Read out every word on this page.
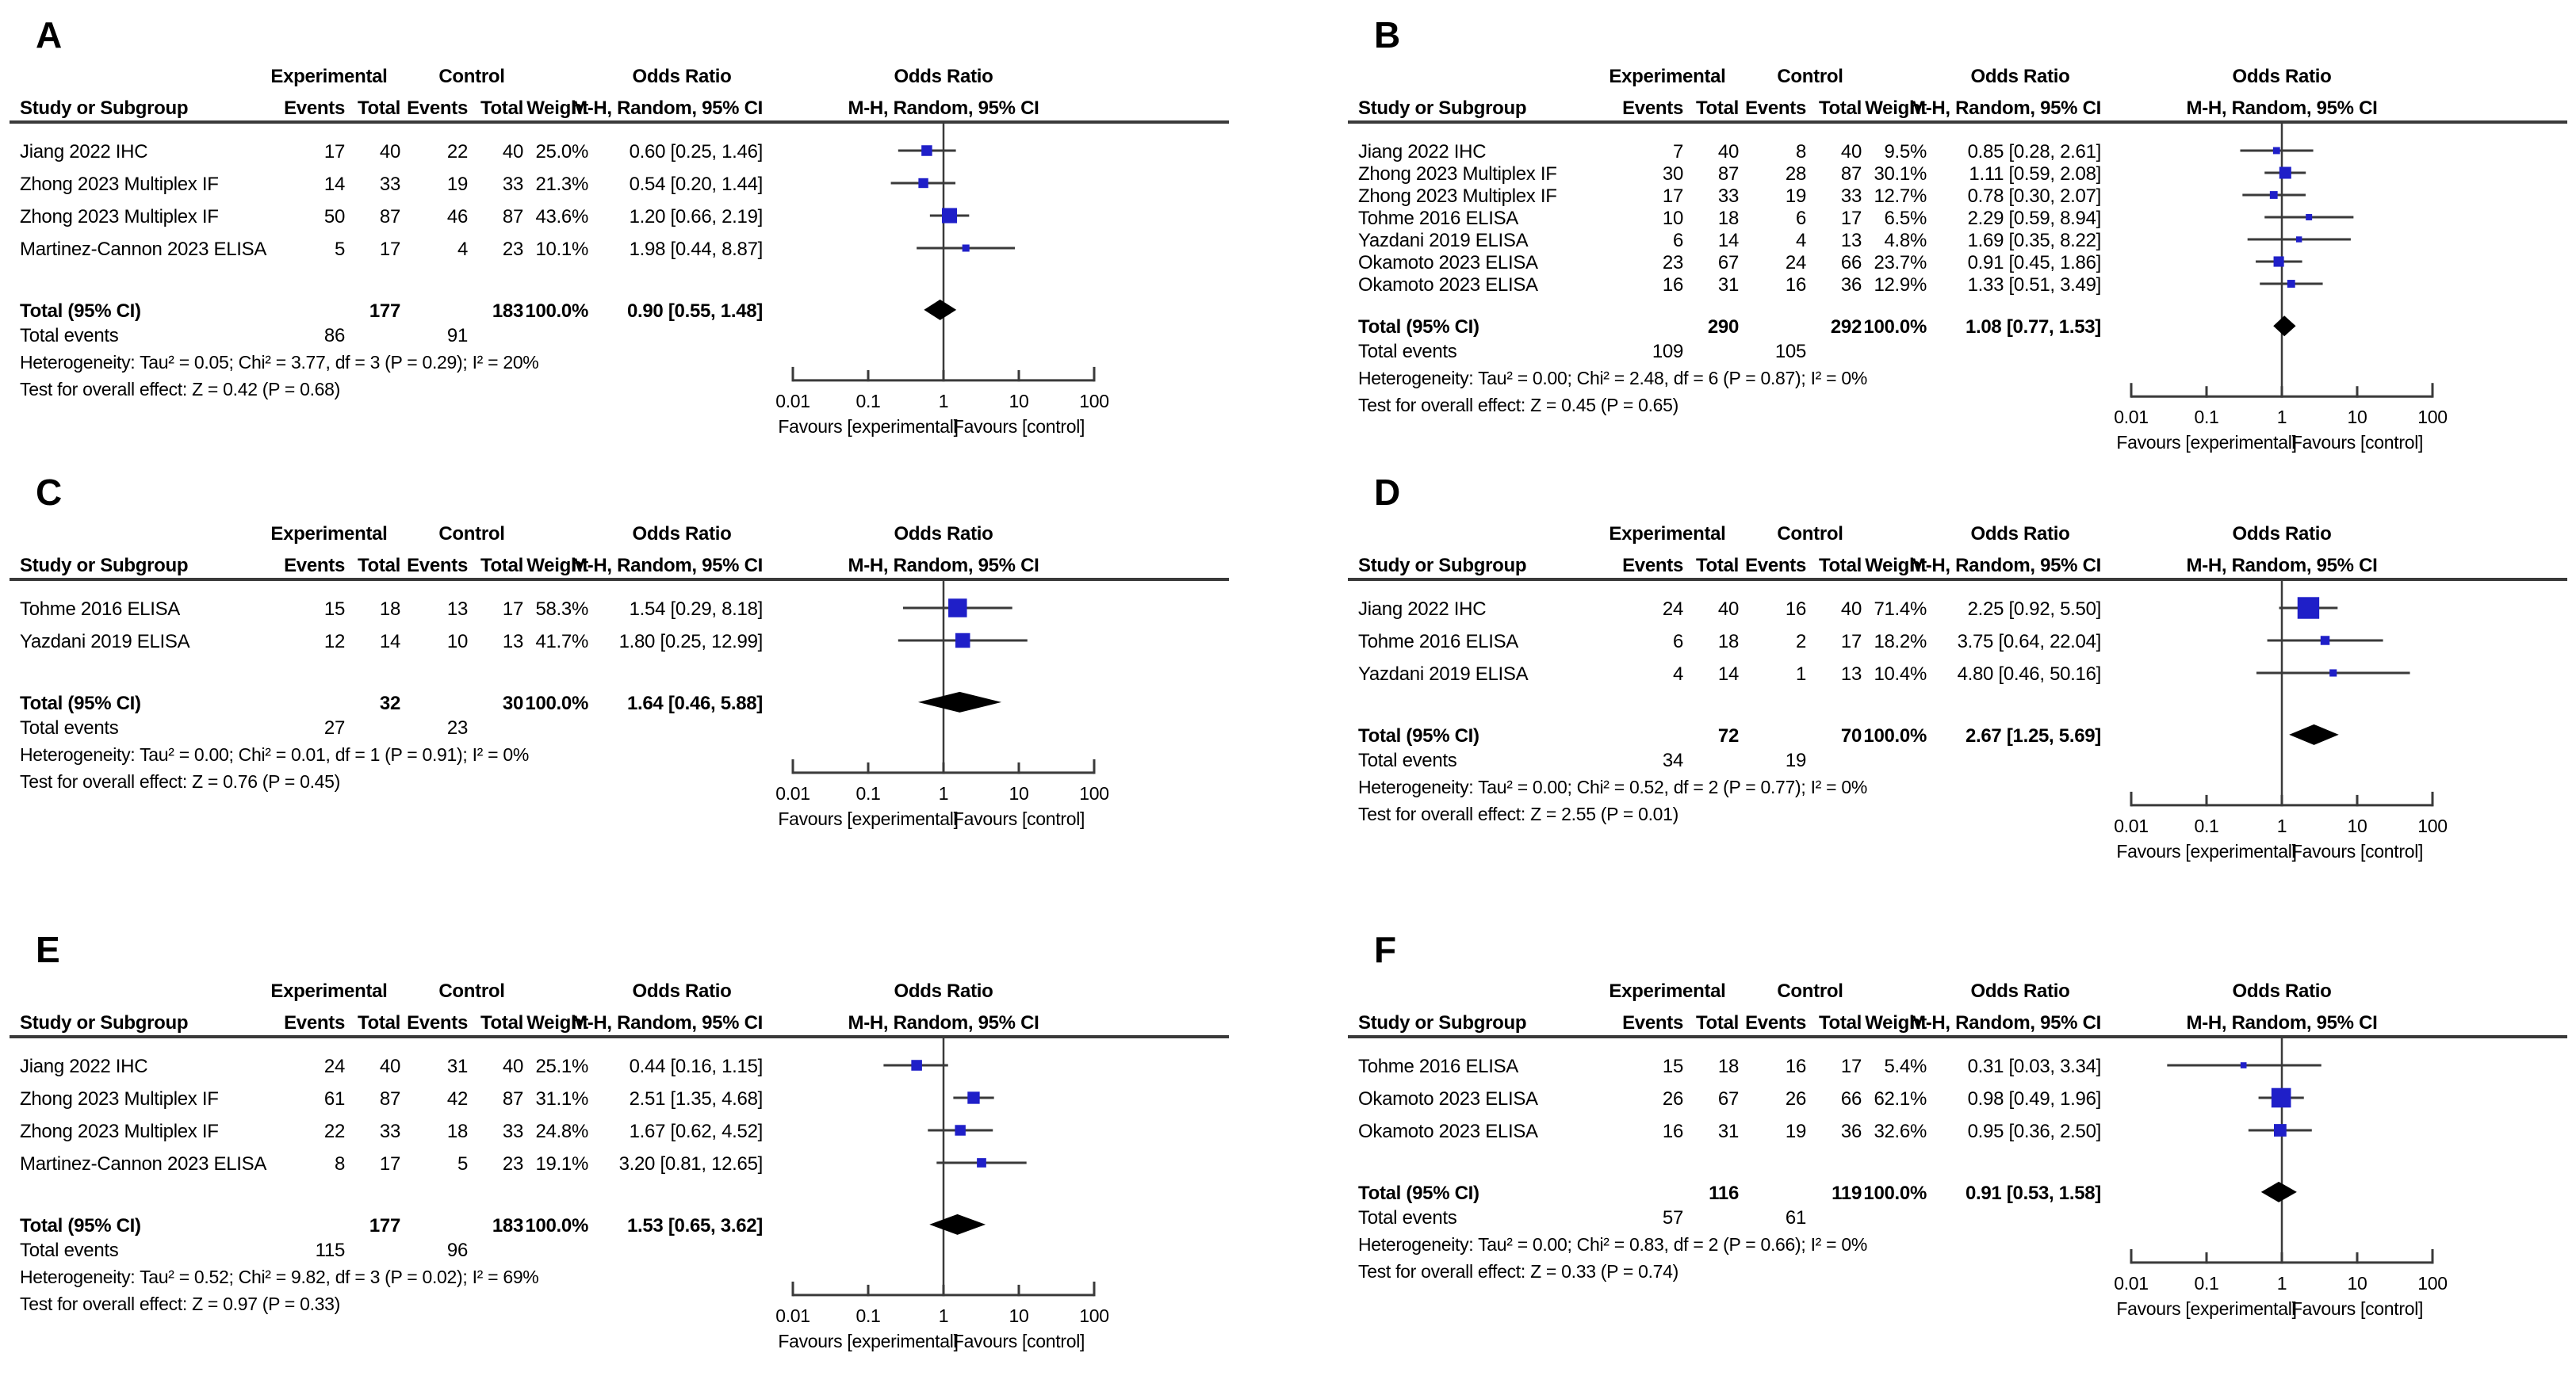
A
Experimental	Control	Odds Ratio
Study or Subgroup	Events Total Events Total Weight
M-H, Random, 95% CI
Odds Ratio
M-H, Random, 95% CI
Jiang 2022 IHC	17 40 22 40 25.0% 0.60 [0.25, 1.46]
Zhong 2023 Multiplex IF	14 33 19 33 21.3% 0.54 [0.20, 1.44]
Zhong 2023 Multiplex IF	50 87 46 87 43.6% 1.20 [0.66, 2.19]
Martinez-Cannon 2023 ELISA	5 17	4 23 10.1% 1.98 [0.44, 8.87]
Total (95% CI)	177	183 100.0% 0.90 [0.55, 1.48]
Total events	86	91
Heterogeneity: Tau² = 0.05; Chi² = 3.77, df = 3 (P = 0.29); I² = 20%
Test for overall effect: Z = 0.42 (P = 0.68)
0.01	0.1	1	10	100
Favours [experimental]
Favours [control]
B
Experimental	Control	Odds Ratio
Study or Subgroup	Events Total Events Total Weight
M-H, Random, 95% CI
Odds Ratio
M-H, Random, 95% CI
Jiang 2022 IHC	7 40	8 40 9.5% 0.85 [0.28, 2.61]
Zhong 2023 Multiplex IF	30 87 28 87 30.1% 1.11 [0.59, 2.08]
Zhong 2023 Multiplex IF	17 33 19 33 12.7% 0.78 [0.30, 2.07]
Tohme 2016 ELISA	10 18	6 17 6.5% 2.29 [0.59, 8.94]
Yazdani 2019 ELISA	6 14	4 13 4.8% 1.69 [0.35, 8.22]
Okamoto 2023 ELISA	23 67 24 66 23.7% 0.91 [0.45, 1.86]
Okamoto 2023 ELISA	16 31 16 36 12.9% 1.33 [0.51, 3.49]
Total (95% CI)	290	292 100.0% 1.08 [0.77, 1.53]
Total events	109	105
Heterogeneity: Tau² = 0.00; Chi² = 2.48, df = 6 (P = 0.87); I² = 0%
Test for overall effect: Z = 0.45 (P = 0.65)
0.01	0.1	1	10	100
Favours [experimental]
Favours [control]
C
Experimental	Control	Odds Ratio
Study or Subgroup	Events Total Events Total Weight
M-H, Random, 95% CI
Odds Ratio
M-H, Random, 95% CI
Tohme 2016 ELISA	15 18 13 17 58.3% 1.54 [0.29, 8.18]
Yazdani 2019 ELISA	12 14 10 13 41.7% 1.80 [0.25, 12.99]
Total (95% CI)	32	30 100.0% 1.64 [0.46, 5.88]
Total events	27	23
Heterogeneity: Tau² = 0.00; Chi² = 0.01, df = 1 (P = 0.91); I² = 0%
Test for overall effect: Z = 0.76 (P = 0.45)
0.01	0.1	1	10	100
Favours [experimental]
Favours [control]
D
Experimental	Control	Odds Ratio
Study or Subgroup	Events Total Events Total Weight
M-H, Random, 95% CI
Odds Ratio
M-H, Random, 95% CI
Jiang 2022 IHC	24 40 16 40 71.4% 2.25 [0.92, 5.50]
Tohme 2016 ELISA	6 18	2 17 18.2% 3.75 [0.64, 22.04]
Yazdani 2019 ELISA	4 14	1 13 10.4% 4.80 [0.46, 50.16]
Total (95% CI)	72	70 100.0% 2.67 [1.25, 5.69]
Total events	34	19
Heterogeneity: Tau² = 0.00; Chi² = 0.52, df = 2 (P = 0.77); I² = 0%
Test for overall effect: Z = 2.55 (P = 0.01)
0.01	0.1	1	10	100
Favours [experimental]
Favours [control]
E
Experimental	Control	Odds Ratio
Study or Subgroup	Events Total Events Total Weight
M-H, Random, 95% CI
Odds Ratio
M-H, Random, 95% CI
Jiang 2022 IHC	24 40 31 40 25.1% 0.44 [0.16, 1.15]
Zhong 2023 Multiplex IF	61 87 42 87 31.1% 2.51 [1.35, 4.68]
Zhong 2023 Multiplex IF	22 33 18 33 24.8% 1.67 [0.62, 4.52]
Martinez-Cannon 2023 ELISA	8 17	5 23 19.1% 3.20 [0.81, 12.65]
Total (95% CI)	177	183 100.0% 1.53 [0.65, 3.62]
Total events	115	96
Heterogeneity: Tau² = 0.52; Chi² = 9.82, df = 3 (P = 0.02); I² = 69%
Test for overall effect: Z = 0.97 (P = 0.33)
0.01	0.1	1	10	100
Favours [experimental]
Favours [control]
F
Experimental	Control	Odds Ratio
Study or Subgroup	Events Total Events Total Weight
M-H, Random, 95% CI
Odds Ratio
M-H, Random, 95% CI
Tohme 2016 ELISA	15 18 16 17 5.4% 0.31 [0.03, 3.34]
Okamoto 2023 ELISA	26 67 26 66 62.1% 0.98 [0.49, 1.96]
Okamoto 2023 ELISA	16 31 19 36 32.6% 0.95 [0.36, 2.50]
Total (95% CI)	116	119 100.0% 0.91 [0.53, 1.58]
Total events	57	61
Heterogeneity: Tau² = 0.00; Chi² = 0.83, df = 2 (P = 0.66); I² = 0%
Test for overall effect: Z = 0.33 (P = 0.74)
0.01	0.1	1	10	100
Favours [experimental]
Favours [control]
